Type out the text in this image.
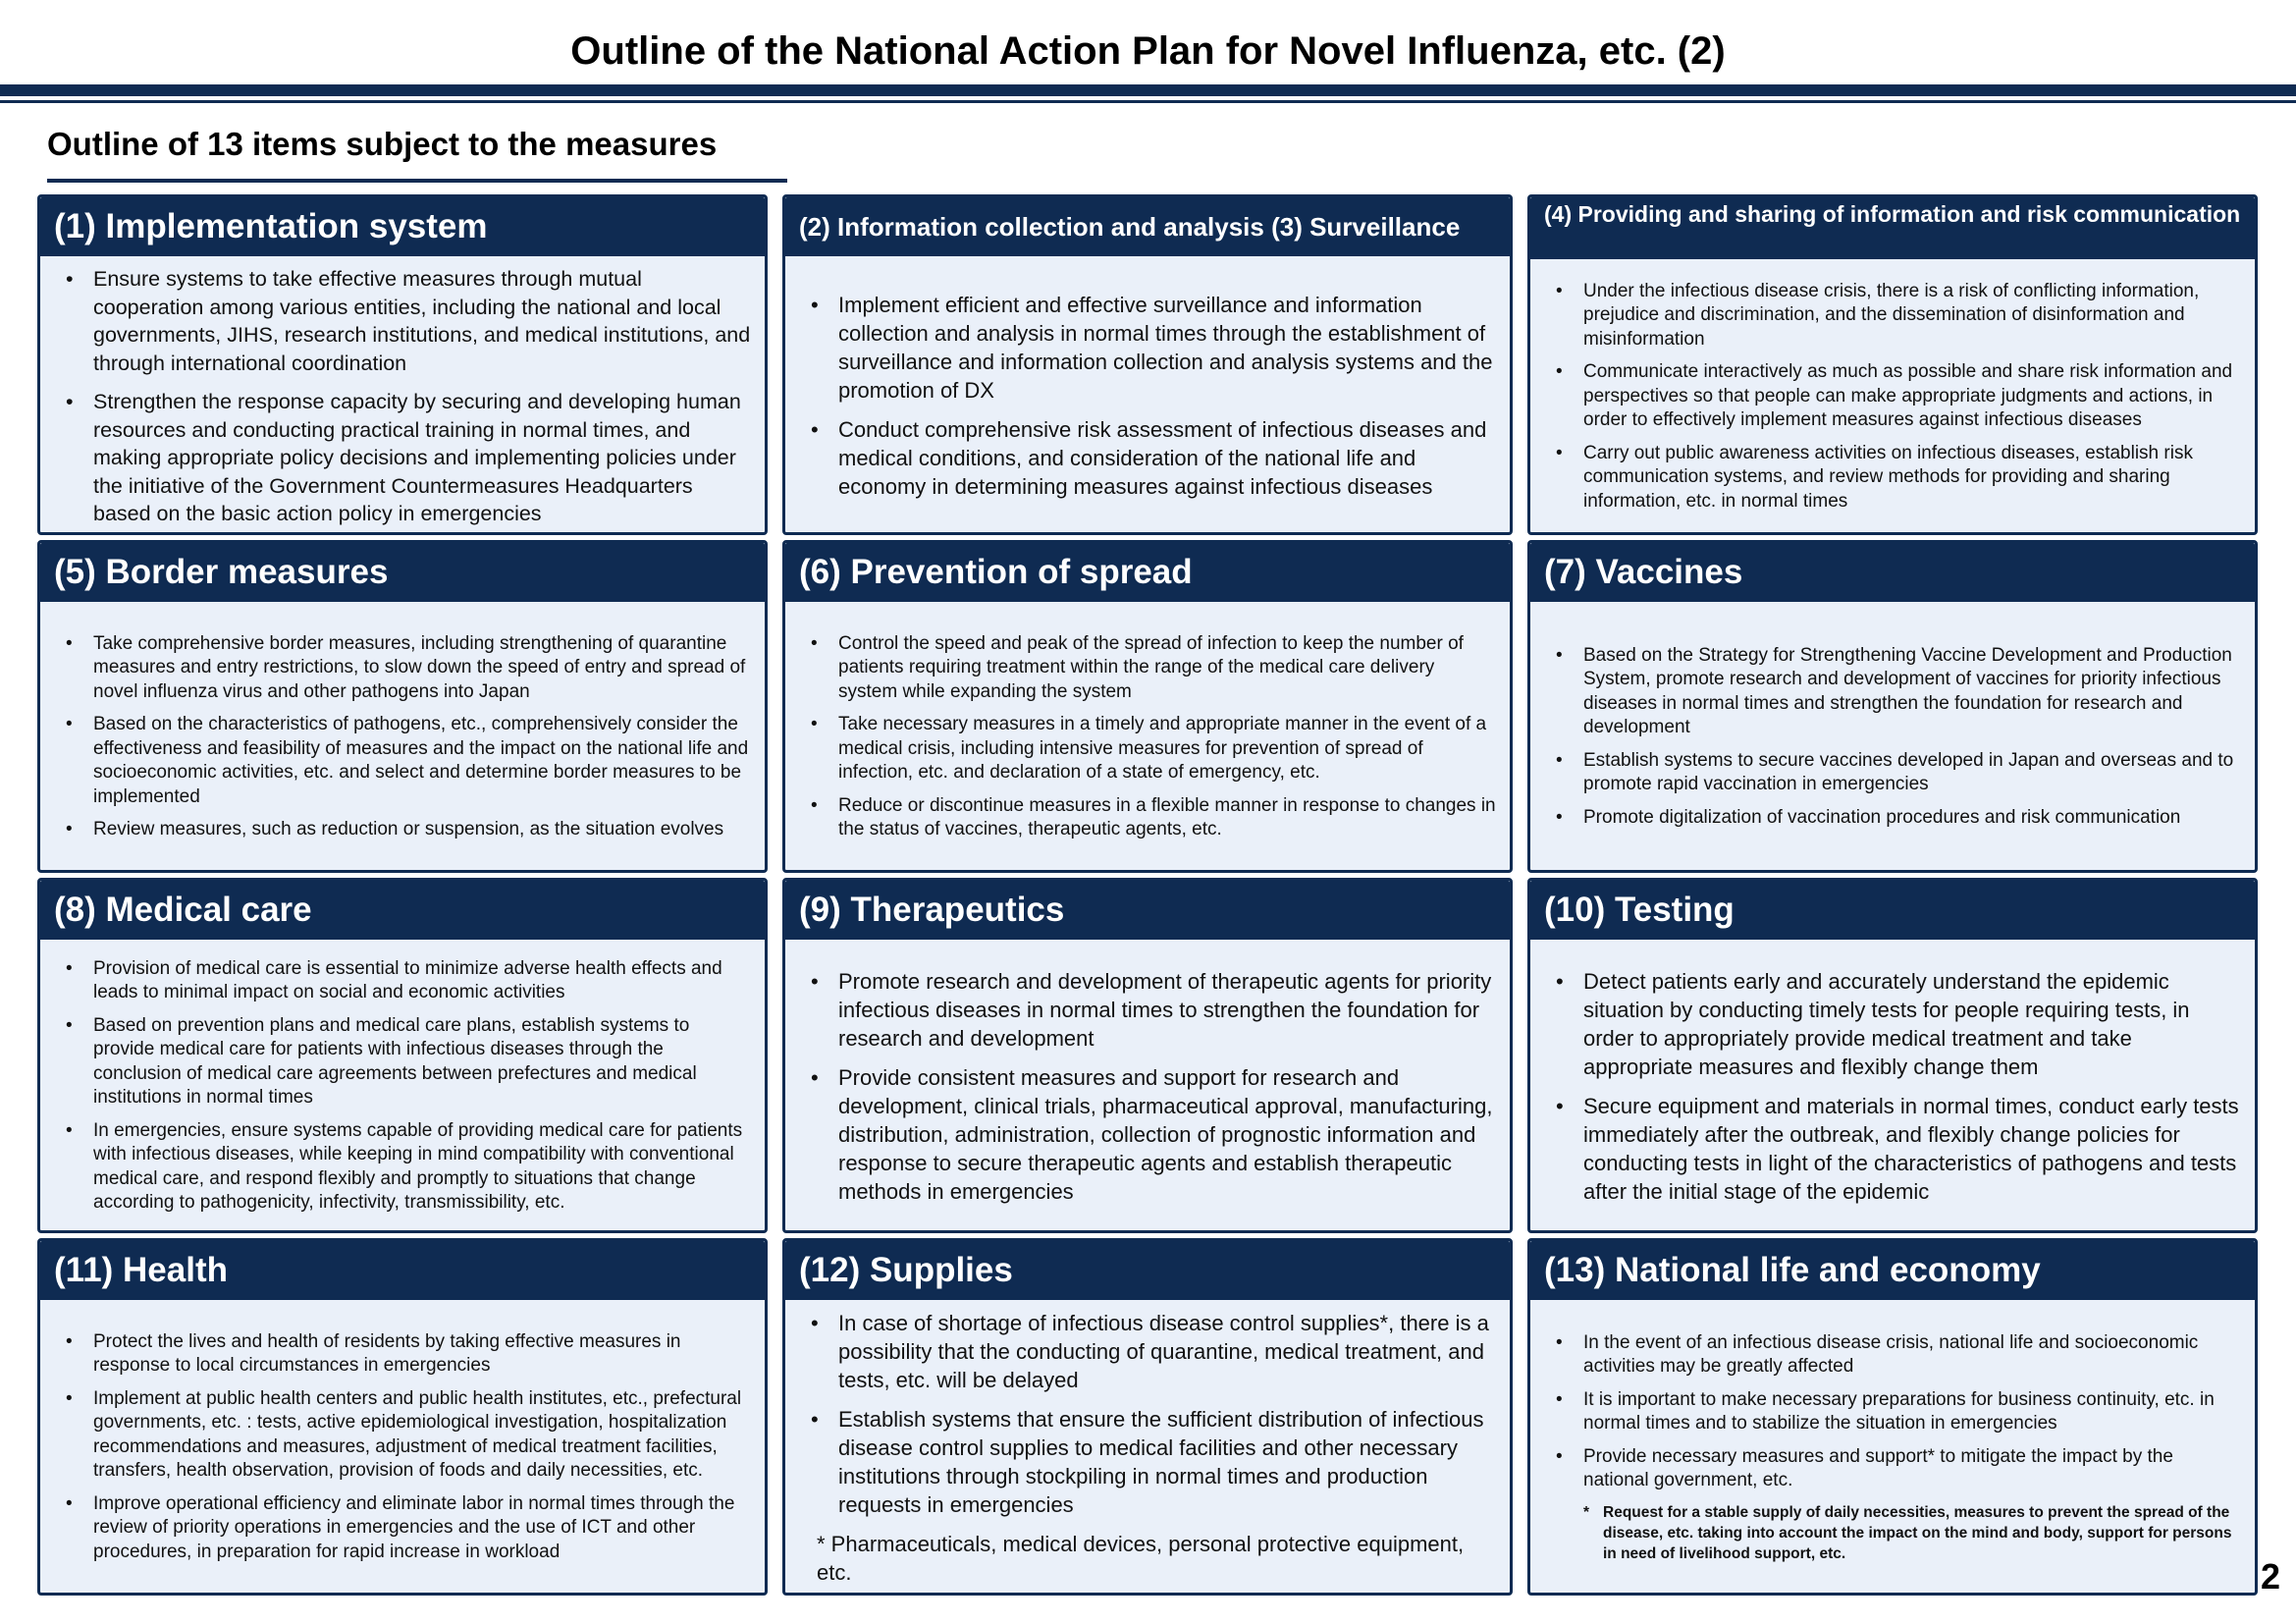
Outline of the National Action Plan for Novel Influenza, etc. (2)
Outline of 13 items subject to the measures
(1) Implementation system
• Ensure systems to take effective measures through mutual cooperation among various entities, including the national and local governments, JIHS, research institutions, and medical institutions, and through international coordination
• Strengthen the response capacity by securing and developing human resources and conducting practical training in normal times, and making appropriate policy decisions and implementing policies under the initiative of the Government Countermeasures Headquarters based on the basic action policy in emergencies
(2) Information collection and analysis (3) Surveillance
• Implement efficient and effective surveillance and information collection and analysis in normal times through the establishment of surveillance and information collection and analysis systems and the promotion of DX
• Conduct comprehensive risk assessment of infectious diseases and medical conditions, and consideration of the national life and economy in determining measures against infectious diseases
(4) Providing and sharing of information and risk communication
• Under the infectious disease crisis, there is a risk of conflicting information, prejudice and discrimination, and the dissemination of disinformation and misinformation
• Communicate interactively as much as possible and share risk information and perspectives so that people can make appropriate judgments and actions, in order to effectively implement measures against infectious diseases
• Carry out public awareness activities on infectious diseases, establish risk communication systems, and review methods for providing and sharing information, etc. in normal times
(5) Border measures
• Take comprehensive border measures, including strengthening of quarantine measures and entry restrictions, to slow down the speed of entry and spread of novel influenza virus and other pathogens into Japan
• Based on the characteristics of pathogens, etc., comprehensively consider the effectiveness and feasibility of measures and the impact on the national life and socioeconomic activities, etc. and select and determine border measures to be implemented
• Review measures, such as reduction or suspension, as the situation evolves
(6) Prevention of spread
• Control the speed and peak of the spread of infection to keep the number of patients requiring treatment within the range of the medical care delivery system while expanding the system
• Take necessary measures in a timely and appropriate manner in the event of a medical crisis, including intensive measures for prevention of spread of infection, etc. and declaration of a state of emergency, etc.
• Reduce or discontinue measures in a flexible manner in response to changes in the status of vaccines, therapeutic agents, etc.
(7) Vaccines
• Based on the Strategy for Strengthening Vaccine Development and Production System, promote research and development of vaccines for priority infectious diseases in normal times and strengthen the foundation for research and development
• Establish systems to secure vaccines developed in Japan and overseas and to promote rapid vaccination in emergencies
• Promote digitalization of vaccination procedures and risk communication
(8) Medical care
• Provision of medical care is essential to minimize adverse health effects and leads to minimal impact on social and economic activities
• Based on prevention plans and medical care plans, establish systems to provide medical care for patients with infectious diseases through the conclusion of medical care agreements between prefectures and medical institutions in normal times
• In emergencies, ensure systems capable of providing medical care for patients with infectious diseases, while keeping in mind compatibility with conventional medical care, and respond flexibly and promptly to situations that change according to pathogenicity, infectivity, transmissibility, etc.
(9) Therapeutics
• Promote research and development of therapeutic agents for priority infectious diseases in normal times to strengthen the foundation for research and development
• Provide consistent measures and support for research and development, clinical trials, pharmaceutical approval, manufacturing, distribution, administration, collection of prognostic information and response to secure therapeutic agents and establish therapeutic methods in emergencies
(10) Testing
• Detect patients early and accurately understand the epidemic situation by conducting timely tests for people requiring tests, in order to appropriately provide medical treatment and take appropriate measures and flexibly change them
• Secure equipment and materials in normal times, conduct early tests immediately after the outbreak, and flexibly change policies for conducting tests in light of the characteristics of pathogens and tests after the initial stage of the epidemic
(11) Health
• Protect the lives and health of residents by taking effective measures in response to local circumstances in emergencies
• Implement at public health centers and public health institutes, etc., prefectural governments, etc. : tests, active epidemiological investigation, hospitalization recommendations and measures, adjustment of medical treatment facilities, transfers, health observation, provision of foods and daily necessities, etc.
• Improve operational efficiency and eliminate labor in normal times through the review of priority operations in emergencies and the use of ICT and other procedures, in preparation for rapid increase in workload
(12) Supplies
• In case of shortage of infectious disease control supplies*, there is a possibility that the conducting of quarantine, medical treatment, and tests, etc. will be delayed
• Establish systems that ensure the sufficient distribution of infectious disease control supplies to medical facilities and other necessary institutions through stockpiling in normal times and production requests in emergencies
* Pharmaceuticals, medical devices, personal protective equipment, etc.
(13) National life and economy
• In the event of an infectious disease crisis, national life and socioeconomic activities may be greatly affected
• It is important to make necessary preparations for business continuity, etc. in normal times and to stabilize the situation in emergencies
• Provide necessary measures and support* to mitigate the impact by the national government, etc.
* Request for a stable supply of daily necessities, measures to prevent the spread of the disease, etc. taking into account the impact on the mind and body, support for persons in need of livelihood support, etc.
2
